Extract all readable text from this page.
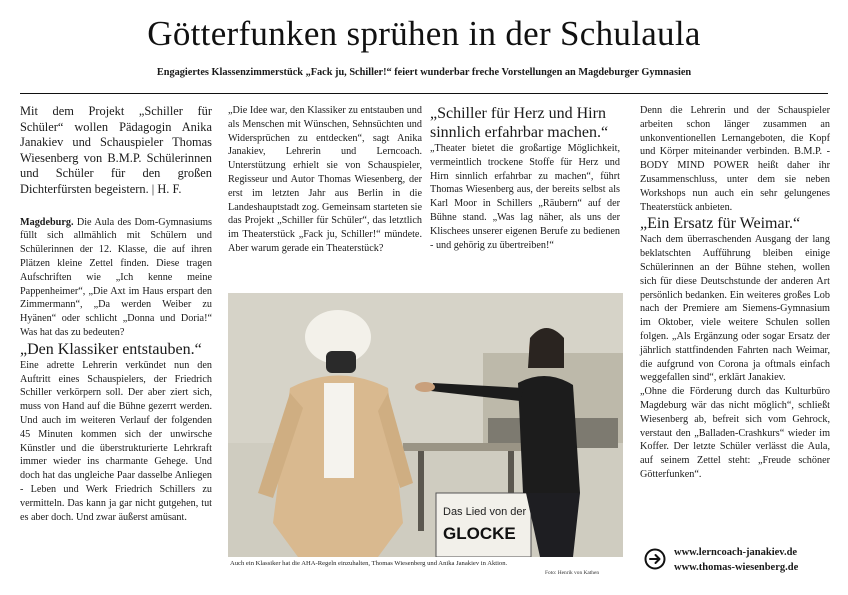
Götterfunken sprühen in der Schulaula
Engagiertes Klassenzimmerstück „Fack ju, Schiller!“ feiert wunderbar freche Vorstellungen an Magdeburger Gymnasien

Mit dem Projekt „Schiller für Schüler“ wollen Pädagogin Anika Janakiev und Schauspieler Thomas Wiesenberg von B.M.P. Schülerinnen und Schüler für den großen Dichterfürsten begeistern. | H. F.

Magdeburg. Die Aula des Dom-Gymnasiums füllt sich allmählich mit Schülern und Schülerinnen der 12. Klasse, die auf ihren Plätzen kleine Zettel finden. Diese tragen Aufschriften wie „Ich kenne meine Pappenheimer“, „Die Axt im Haus erspart den Zimmermann“, „Da werden Weiber zu Hyänen“ oder schlicht „Donna und Doria!“ Was hat das zu bedeuten?

„Den Klassiker entstauben.“

Eine adrette Lehrerin verkündet nun den Auftritt eines Schauspielers, der Friedrich Schiller verkörpern soll. Der aber ziert sich, muss von Hand auf die Bühne gezerrt werden. Und auch im weiteren Verlauf der folgenden 45 Minuten kommen sich der unwirsche Künstler und die überstrukturierte Lehrkraft immer wieder ins charmante Gehege. Und doch hat das ungleiche Paar dasselbe Anliegen - Leben und Werk Friedrich Schillers zu vermitteln. Das kann ja gar nicht gutgehen, tut es aber doch. Und zwar äußerst amüsant.

„Die Idee war, den Klassiker zu entstauben und als Menschen mit Wünschen, Sehnsüchten und Widersprüchen zu entdecken“, sagt Anika Janakiev, Lehrerin und Lerncoach. Unterstützung erhielt sie von Schauspieler, Regisseur und Autor Thomas Wiesenberg, der erst im letzten Jahr aus Berlin in die Landeshauptstadt zog. Gemeinsam starteten sie das Projekt „Schiller für Schüler“, das letztlich im Theaterstück „Fack ju, Schiller!“ mündete. Aber warum gerade ein Theaterstück?

„Schiller für Herz und Hirn sinnlich erfahrbar machen.“

„Theater bietet die großartige Möglichkeit, vermeintlich trockene Stoffe für Herz und Hirn sinnlich erfahrbar zu machen“, führt Thomas Wiesenberg aus, der bereits selbst als Karl Moor in Schillers „Räubern“ auf der Bühne stand. „Was lag näher, als uns der Klischees unserer eigenen Berufe zu bedienen - und gehörig zu übertreiben!“

Denn die Lehrerin und der Schauspieler arbeiten schon länger zusammen an unkonventionellen Lernangeboten, die Kopf und Körper miteinander verbinden. B.M.P. - BODY MIND POWER heißt daher ihr Zusammenschluss, unter dem sie neben Workshops nun auch ein sehr gelungenes Theaterstück anbieten.

„Ein Ersatz für Weimar.“

Nach dem überraschenden Ausgang der lang beklatschten Aufführung bleiben einige Schülerinnen an der Bühne stehen, wollen sich für diese Deutschstunde der anderen Art persönlich bedanken. Ein weiteres großes Lob nach der Premiere am Siemens-Gymnasium im Oktober, viele weitere Schulen sollen folgen. „Als Ergänzung oder sogar Ersatz der jährlich stattfindenden Fahrten nach Weimar, die aufgrund von Corona ja oftmals einfach weggefallen sind“, erklärt Janakiev.

„Ohne die Förderung durch das Kulturbüro Magdeburg wär das nicht möglich“, schließt Wiesenberg ab, befreit sich vom Gehrock, verstaut den „Balladen-Crashkurs“ wieder im Koffer. Der letzte Schüler verlässt die Aula, auf seinem Zettel steht: „Freude schöner Götterfunken“.

Das Lied von der
GLOCKE
Auch ein Klassiker hat die AHA-Regeln einzuhalten, Thomas Wiesenberg und Anika Janakiev in Aktion.
Foto: Henrik von Kathen
www.lerncoach-janakiev.de
www.thomas-wiesenberg.de
